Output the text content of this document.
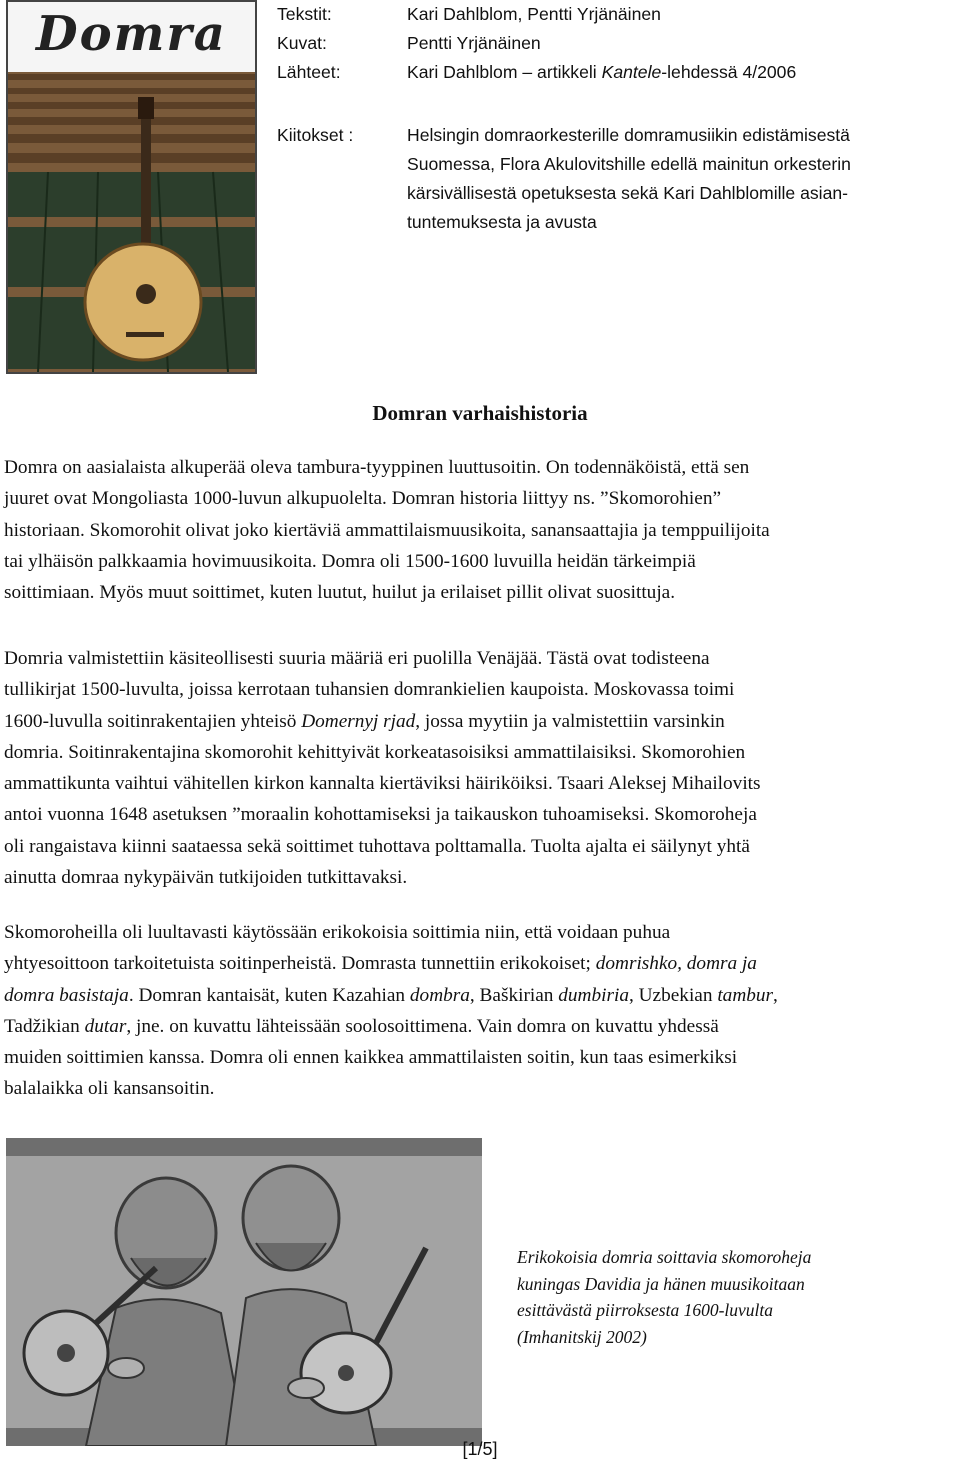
Domra	Tekstit:	Kari Dahlblom, Pentti Yrjänäinen
Kuvat:	Pentti Yrjänäinen
Lähteet:	Kari Dahlblom – artikkeli Kantele-lehdessä 4/2006
Kiitokset :	Helsingin domraorkesterille domramusiikin edistämisestä
Suomessa, Flora Akulovitshille edellä mainitun orkesterin
kärsivällisestä opetuksesta sekä Kari Dahlblomille asian-
tuntemuksesta ja avusta
Domran varhaishistoria
Domra on aasialaista alkuperää oleva tambura-tyyppinen luuttusoitin. On todennäköistä, että sen
juuret ovat Mongoliasta 1000-luvun alkupuolelta. Domran historia liittyy ns. ”Skomorohien”
historiaan. Skomorohit olivat joko kiertäviä ammattilaismuusikoita, sanansaattajia ja temppuilijoita
tai ylhäisön palkkaamia hovimuusikoita. Domra oli 1500-1600 luvuilla heidän tärkeimpiä
soittimiaan. Myös muut soittimet, kuten luutut, huilut ja erilaiset pillit olivat suosittuja.
Domria valmistettiin käsiteollisesti suuria määriä eri puolilla Venäjää. Tästä ovat todisteena
tullikirjat 1500-luvulta, joissa kerrotaan tuhansien domrankielien kaupoista. Moskovassa toimi
1600-luvulla soitinrakentajien yhteisö Domernyj rjad, jossa myytiin ja valmistettiin varsinkin
domria. Soitinrakentajina skomorohit kehittyivät korkeatasoisiksi ammattilaisiksi. Skomorohien
ammattikunta vaihtui vähitellen kirkon kannalta kiertäviksi häiriköiksi. Tsaari Aleksej Mihailovits
antoi vuonna 1648 asetuksen ”moraalin kohottamiseksi ja taikauskon tuhoamiseksi. Skomoroheja
oli rangaistava kiinni saataessa sekä soittimet tuhottava polttamalla. Tuolta ajalta ei säilynyt yhtä
ainutta domraa nykypäivän tutkijoiden tutkittavaksi.
Skomoroheilla oli luultavasti käytössään erikokoisia soittimia niin, että voidaan puhua
yhtyesoittoon tarkoitetuista soitinperheistä. Domrasta tunnettiin erikokoiset; domrishko, domra ja
domra basistaja. Domran kantaisät, kuten Kazahian dombra, Baškirian dumbiria, Uzbekian tambur,
Tadžikian dutar, jne. on kuvattu lähteissään soolosoittimena. Vain domra on kuvattu yhdessä
muiden soittimien kanssa. Domra oli ennen kaikkea ammattilaisten soitin, kun taas esimerkiksi
balalaikka oli kansansoitin.
Erikokoisia domria soittavia skomoroheja
kuningas Davidia ja hänen muusikoitaan
esittävästä piirroksesta 1600-luvulta
(Imhanitskij 2002)
[1/5]
